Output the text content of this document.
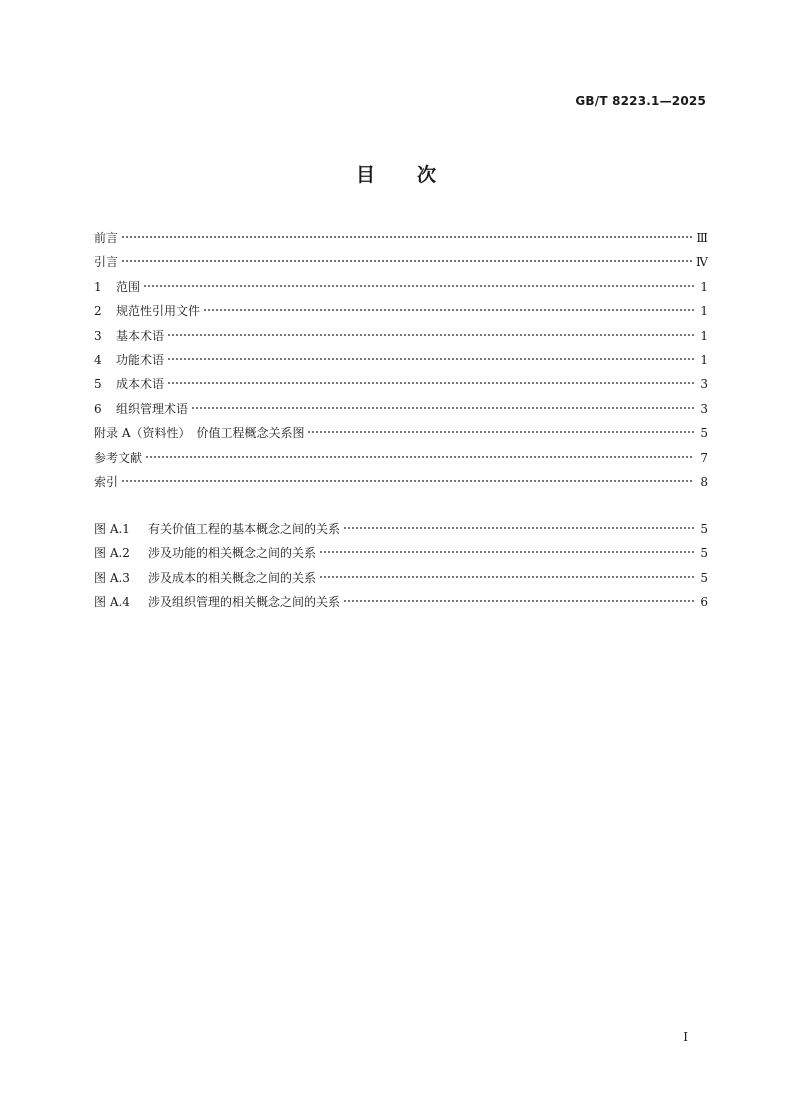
GB/T 8223.1—2025
目 次
前言	Ⅲ
引言	Ⅳ
1 范围	1
2 规范性引用文件	1
3 基本术语	1
4 功能术语	1
5 成本术语	3
6 组织管理术语	3
附录 A（资料性）　价值工程概念关系图	5
参考文献	7
索引	8
图 A.1 有关价值工程的基本概念之间的关系	5
图 A.2 涉及功能的相关概念之间的关系	5
图 A.3 涉及成本的相关概念之间的关系	5
图 A.4 涉及组织管理的相关概念之间的关系	6
I
